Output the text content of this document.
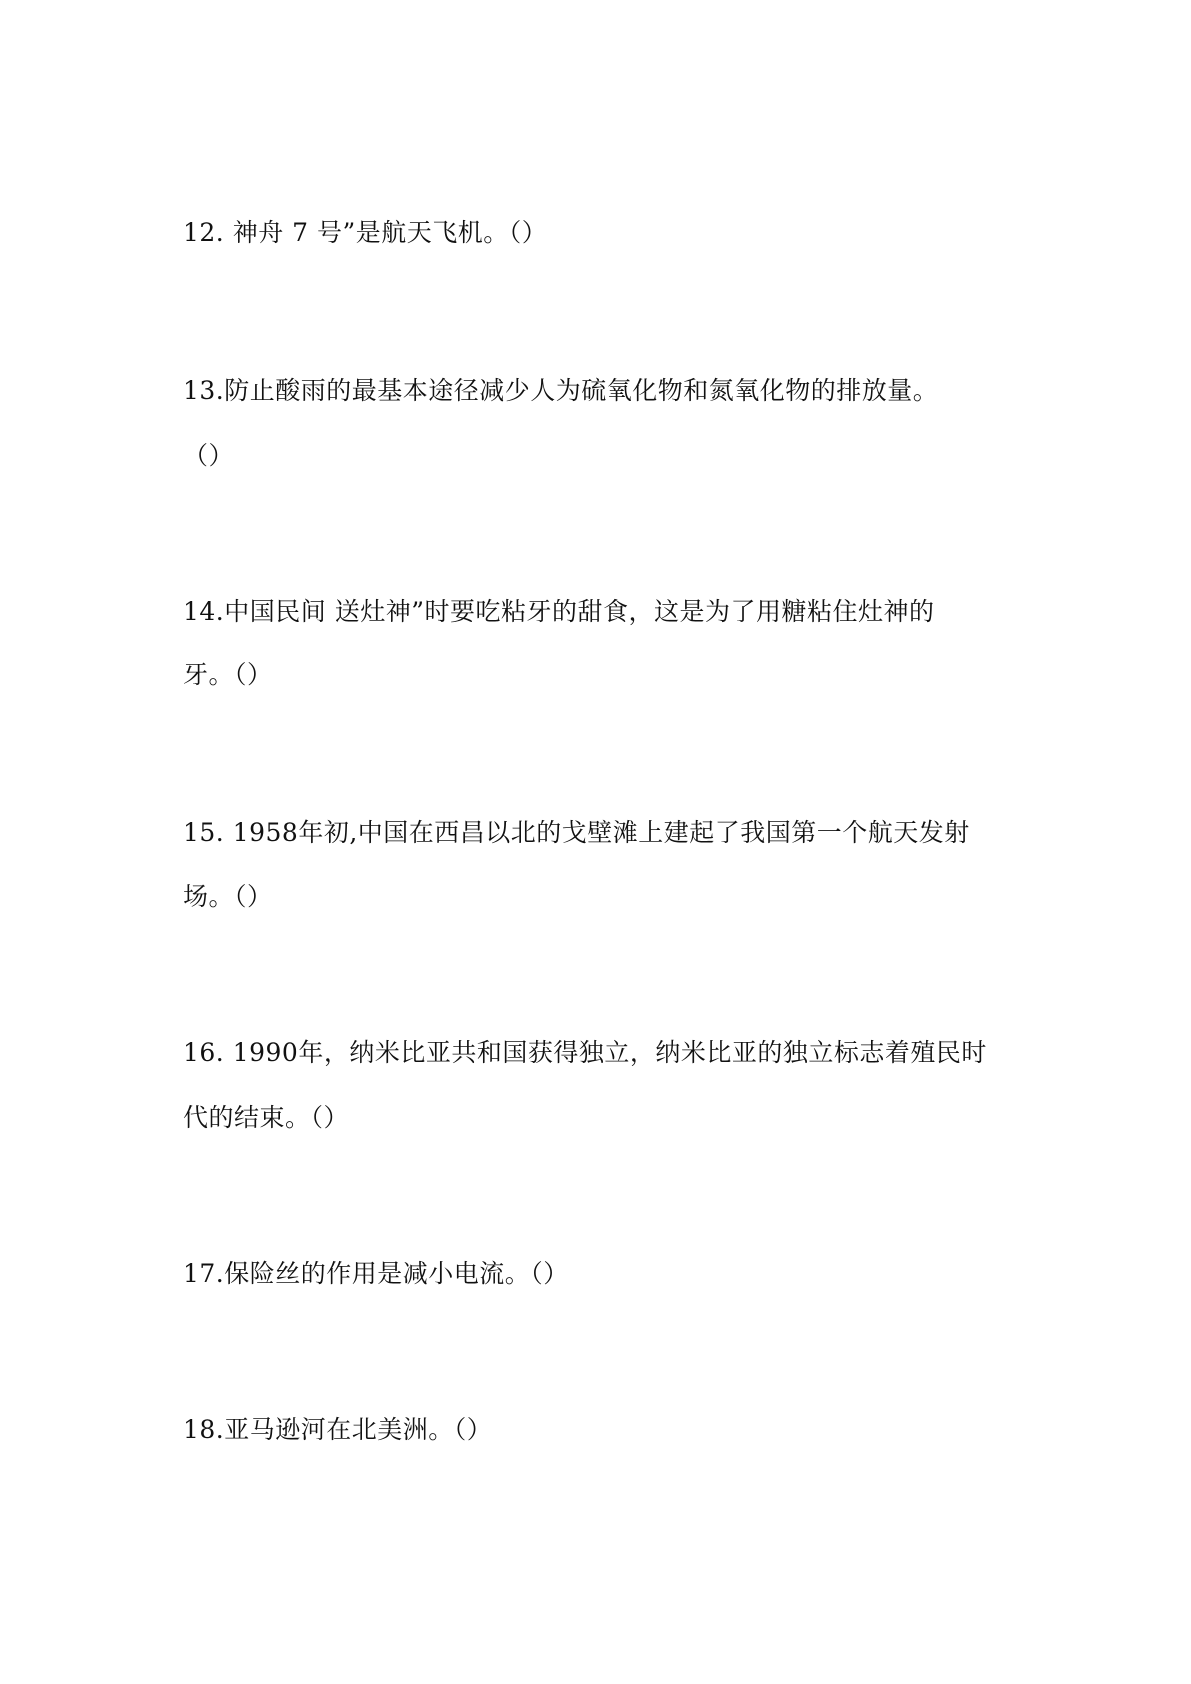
12. 神舟 7 号”是航天飞机。（）
13.防止酸雨的最基本途径减少人为硫氧化物和氮氧化物的排放量。
（）
14.中国民间 送灶神”时要吃粘牙的甜食，这是为了用糖粘住灶神的
牙。（）
15. 1958年初,中国在西昌以北的戈壁滩上建起了我国第一个航天发射
场。（）
16. 1990年，纳米比亚共和国获得独立，纳米比亚的独立标志着殖民时
代的结束。（）
17.保险丝的作用是减小电流。（）
18.亚马逊河在北美洲。（）
